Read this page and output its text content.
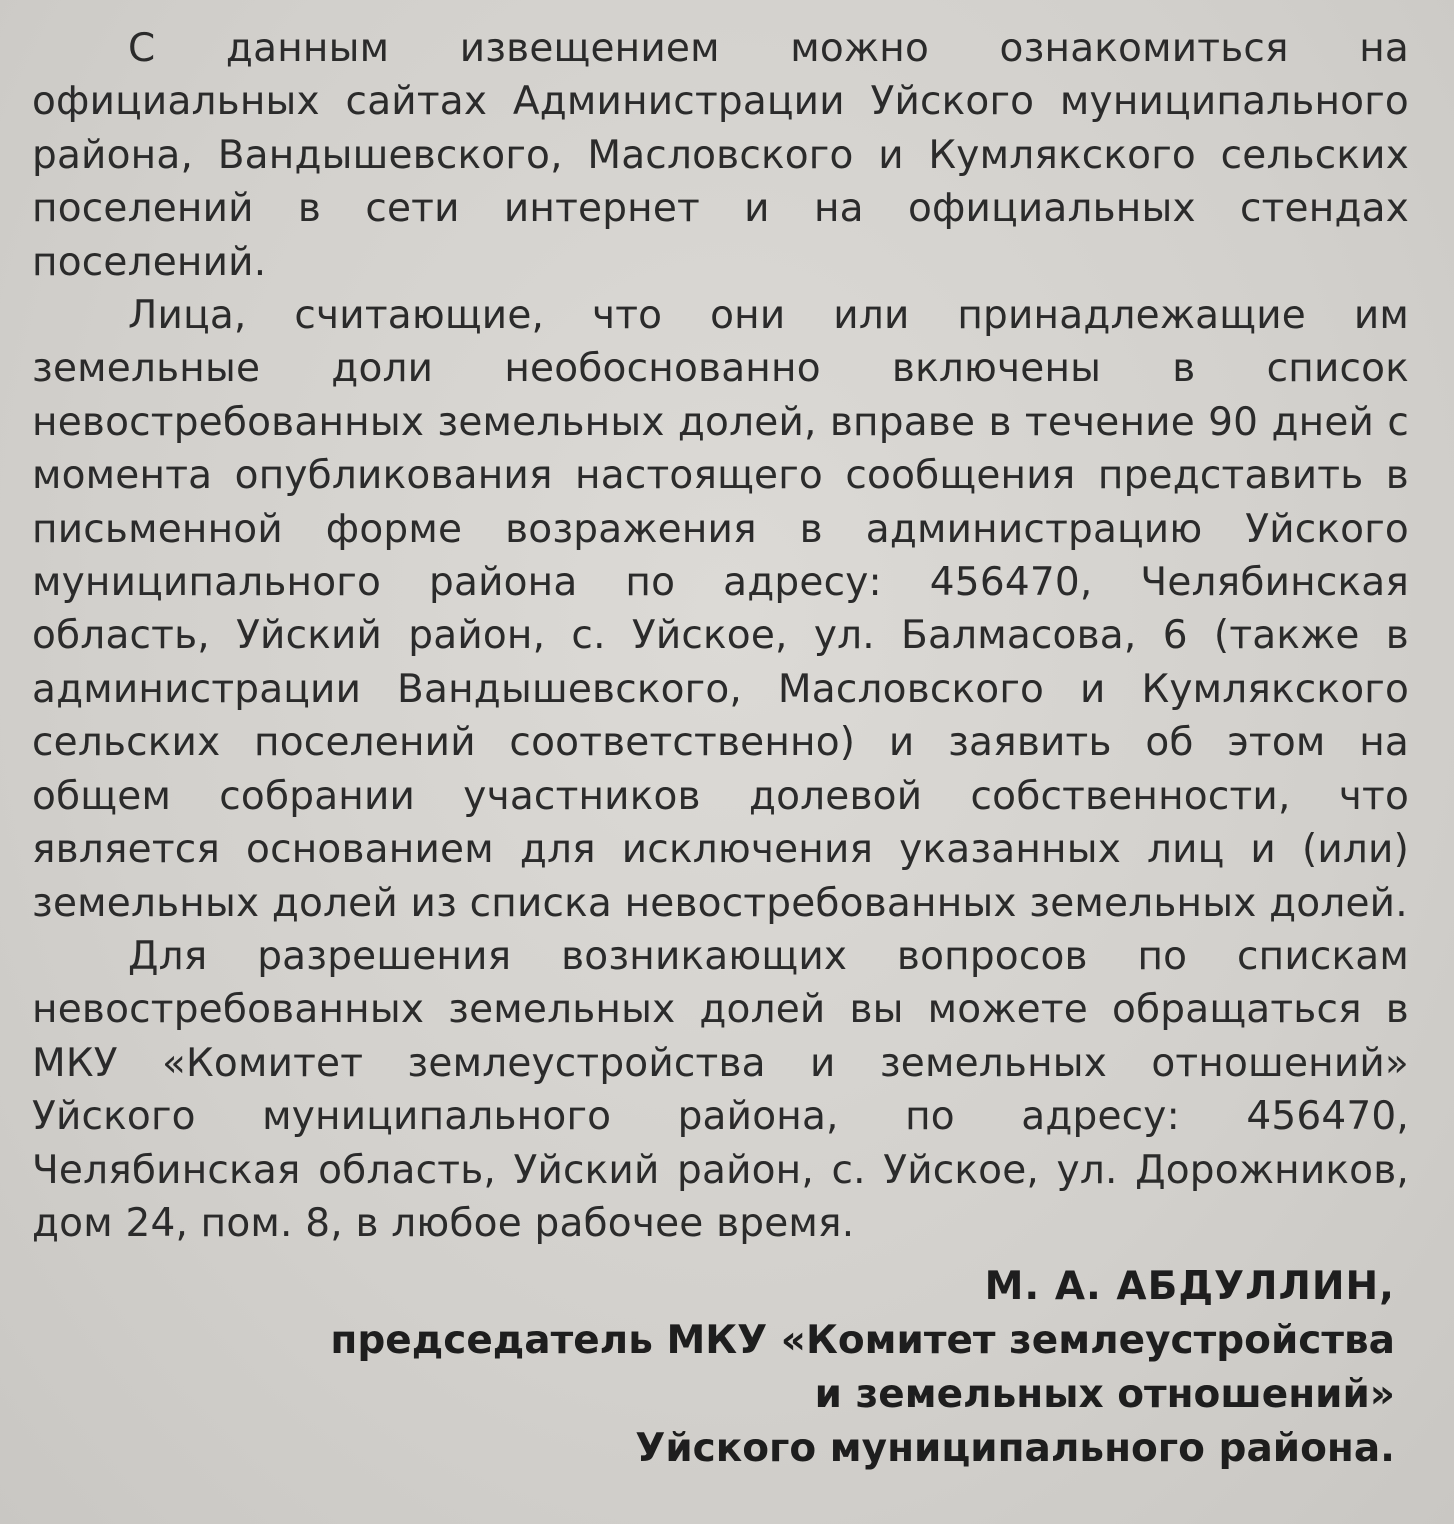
С данным извещением можно ознакомиться на официальных сайтах Администрации Уйского муниципального района, Вандышевского, Масловского и Кумлякского сельских поселений в сети интернет и на официальных стендах поселений.

Лица, считающие, что они или принадлежащие им земельные доли необоснованно включены в список невостребованных земельных долей, вправе в течение 90 дней с момента опубликования настоящего сообщения представить в письменной форме возражения в администрацию Уйского муниципального района по адресу: 456470, Челябинская область, Уйский район, с. Уйское, ул. Балмасова, 6 (также в администрации Вандышевского, Масловского и Кумлякского сельских поселений соответственно) и заявить об этом на общем собрании участников долевой собственности, что является основанием для исключения указанных лиц и (или) земельных долей из списка невостребованных земельных долей.

Для разрешения возникающих вопросов по спискам невостребованных земельных долей вы можете обращаться в МКУ «Комитет землеустройства и земельных отношений» Уйского муниципального района, по адресу: 456470, Челябинская область, Уйский район, с. Уйское, ул. Дорожников, дом 24, пом. 8, в любое рабочее время.

М. А. АБДУЛЛИН,
председатель МКУ «Комитет землеустройства
и земельных отношений»
Уйского муниципального района.
